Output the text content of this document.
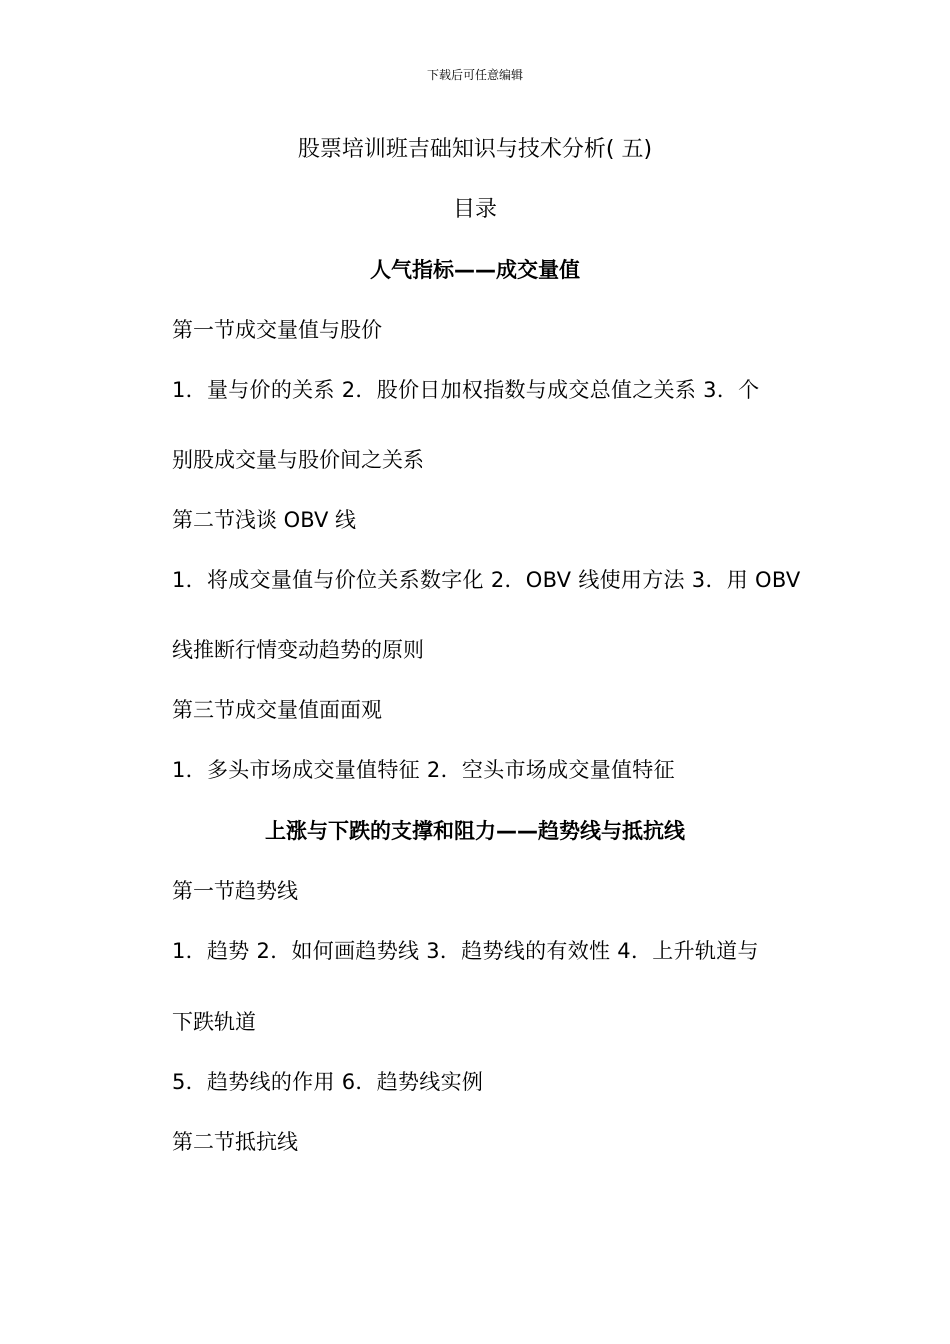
下载后可任意编辑
股票培训班吉础知识与技术分析( 五)
目录
人气指标——成交量值
第一节成交量值与股价
1．量与价的关系 2．股价日加权指数与成交总值之关系 3．个
别股成交量与股价间之关系
第二节浅谈 OBV 线
1．将成交量值与价位关系数字化 2．OBV 线使用方法 3．用 OBV
线推断行情变动趋势的原则
第三节成交量值面面观
1．多头市场成交量值特征 2．空头市场成交量值特征
上涨与下跌的支撑和阻力——趋势线与抵抗线
第一节趋势线
1．趋势 2．如何画趋势线 3．趋势线的有效性 4．上升轨道与
下跌轨道
5．趋势线的作用 6．趋势线实例
第二节抵抗线
